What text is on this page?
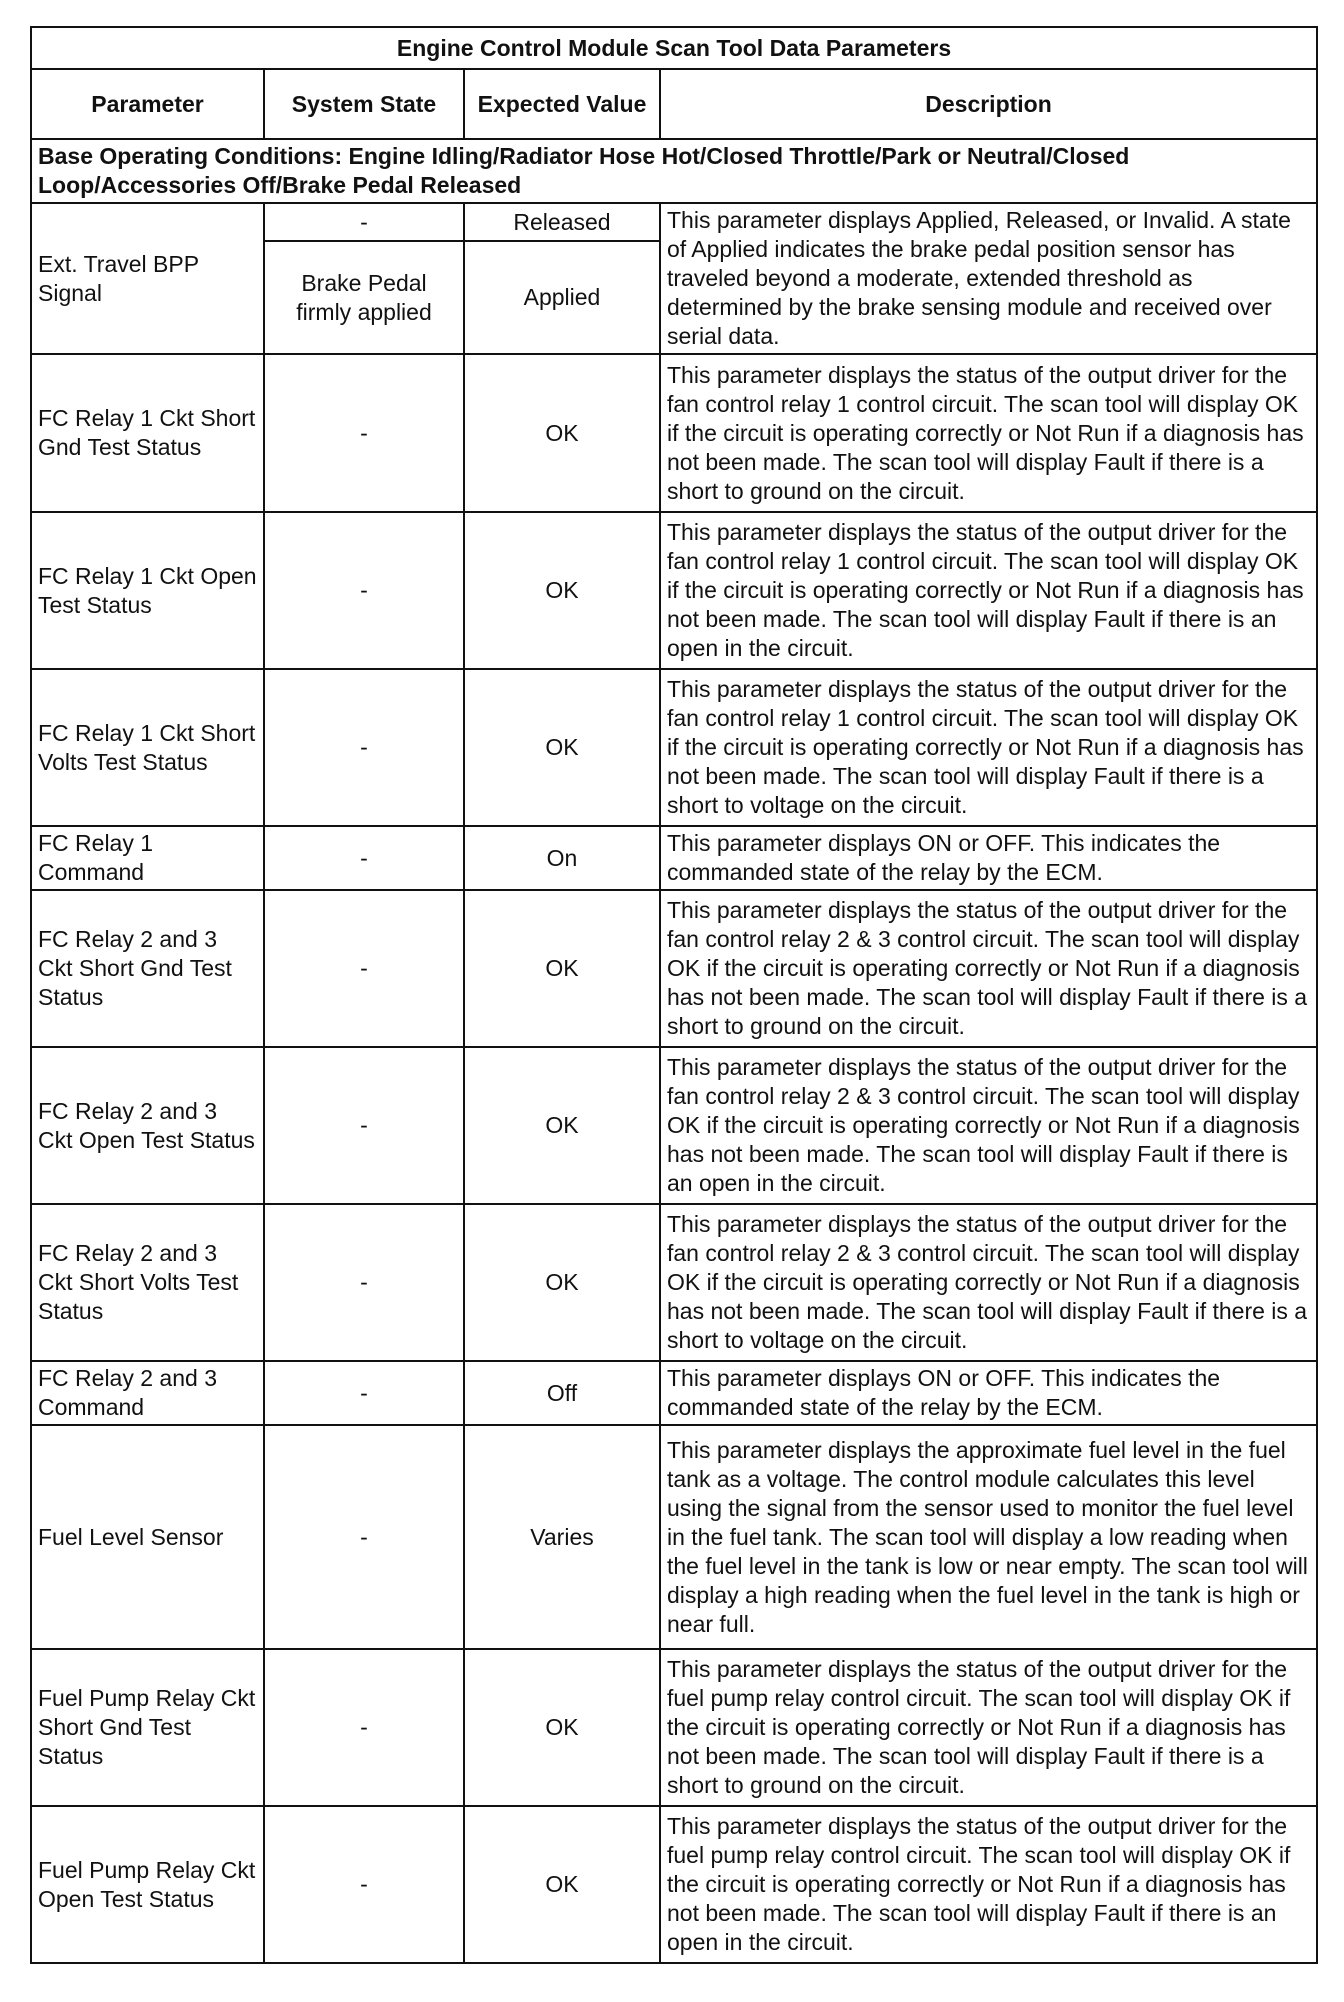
Engine Control Module Scan Tool Data Parameters			
Parameter	System State	Expected Value	Description
Base Operating Conditions: Engine Idling/Radiator Hose Hot/Closed Throttle/Park or Neutral/Closed Loop/Accessories Off/Brake Pedal Released			
Ext. Travel BPP Signal	-	Released	This parameter displays Applied, Released, or Invalid. A state of Applied indicates the brake pedal position sensor has traveled beyond a moderate, extended threshold as determined by the brake sensing module and received over serial data.
	Brake Pedal firmly applied	Applied	
FC Relay 1 Ckt Short Gnd Test Status	-	OK	This parameter displays the status of the output driver for the fan control relay 1 control circuit. The scan tool will display OK if the circuit is operating correctly or Not Run if a diagnosis has not been made. The scan tool will display Fault if there is a short to ground on the circuit.
FC Relay 1 Ckt Open Test Status	-	OK	This parameter displays the status of the output driver for the fan control relay 1 control circuit. The scan tool will display OK if the circuit is operating correctly or Not Run if a diagnosis has not been made. The scan tool will display Fault if there is an open in the circuit.
FC Relay 1 Ckt Short Volts Test Status	-	OK	This parameter displays the status of the output driver for the fan control relay 1 control circuit. The scan tool will display OK if the circuit is operating correctly or Not Run if a diagnosis has not been made. The scan tool will display Fault if there is a short to voltage on the circuit.
FC Relay 1 Command	-	On	This parameter displays ON or OFF. This indicates the commanded state of the relay by the ECM.
FC Relay 2 and 3 Ckt Short Gnd Test Status	-	OK	This parameter displays the status of the output driver for the fan control relay 2 & 3 control circuit. The scan tool will display OK if the circuit is operating correctly or Not Run if a diagnosis has not been made. The scan tool will display Fault if there is a short to ground on the circuit.
FC Relay 2 and 3 Ckt Open Test Status	-	OK	This parameter displays the status of the output driver for the fan control relay 2 & 3 control circuit. The scan tool will display OK if the circuit is operating correctly or Not Run if a diagnosis has not been made. The scan tool will display Fault if there is an open in the circuit.
FC Relay 2 and 3 Ckt Short Volts Test Status	-	OK	This parameter displays the status of the output driver for the fan control relay 2 & 3 control circuit. The scan tool will display OK if the circuit is operating correctly or Not Run if a diagnosis has not been made. The scan tool will display Fault if there is a short to voltage on the circuit.
FC Relay 2 and 3 Command	-	Off	This parameter displays ON or OFF. This indicates the commanded state of the relay by the ECM.
Fuel Level Sensor	-	Varies	This parameter displays the approximate fuel level in the fuel tank as a voltage. The control module calculates this level using the signal from the sensor used to monitor the fuel level in the fuel tank. The scan tool will display a low reading when the fuel level in the tank is low or near empty. The scan tool will display a high reading when the fuel level in the tank is high or near full.
Fuel Pump Relay Ckt Short Gnd Test Status	-	OK	This parameter displays the status of the output driver for the fuel pump relay control circuit. The scan tool will display OK if the circuit is operating correctly or Not Run if a diagnosis has not been made. The scan tool will display Fault if there is a short to ground on the circuit.
Fuel Pump Relay Ckt Open Test Status	-	OK	This parameter displays the status of the output driver for the fuel pump relay control circuit. The scan tool will display OK if the circuit is operating correctly or Not Run if a diagnosis has not been made. The scan tool will display Fault if there is an open in the circuit.
